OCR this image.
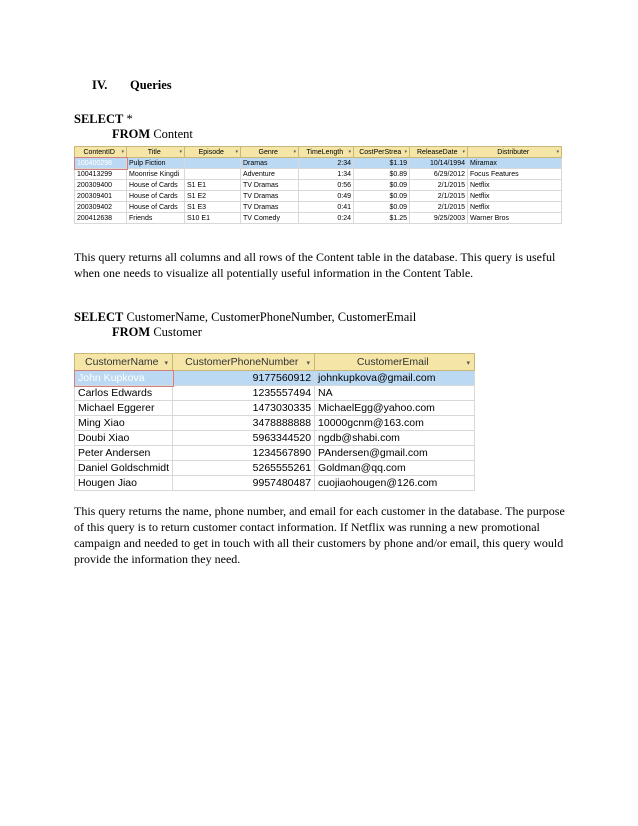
IV. Queries
SELECT *
FROM Content
ContentID ▾	Title ▾	Episode ▾	Genre ▾	TimeLength ▾	CostPerStrea ▾	ReleaseDate ▾	Distributer ▾

100400298	Pulp Fiction		Dramas	2:34	$1.19	10/14/1994	Miramax
100413299	Moonrise Kingdi		Adventure	1:34	$0.89	6/29/2012	Focus Features
200309400	House of Cards	S1 E1	TV Dramas	0:56	$0.09	2/1/2015	Netflix
200309401	House of Cards	S1 E2	TV Dramas	0:49	$0.09	2/1/2015	Netflix
200309402	House of Cards	S1 E3	TV Dramas	0:41	$0.09	2/1/2015	Netflix
200412638	Friends	S10 E1	TV Comedy	0:24	$1.25	9/25/2003	Warner Bros
This query returns all columns and all rows of the Content table in the database. This query is useful when one needs to visualize all potentially useful information in the Content Table.
SELECT CustomerName, CustomerPhoneNumber, CustomerEmail
FROM Customer
CustomerName ▾	CustomerPhoneNumber ▾	CustomerEmail ▾

John Kupkova	9177560912	johnkupkova@gmail.com
Carlos Edwards	1235557494	NA
Michael Eggerer	1473030335	MichaelEgg@yahoo.com
Ming Xiao	3478888888	10000gcnm@163.com
Doubi Xiao	5963344520	ngdb@shabi.com
Peter Andersen	1234567890	PAndersen@gmail.com
Daniel Goldschmidt	5265555261	Goldman@qq.com
Hougen Jiao	9957480487	cuojiaohougen@126.com
This query returns the name, phone number, and email for each customer in the database. The purpose of this query is to return customer contact information. If Netflix was running a new promotional campaign and needed to get in touch with all their customers by phone and/or email, this query would provide the information they need.
